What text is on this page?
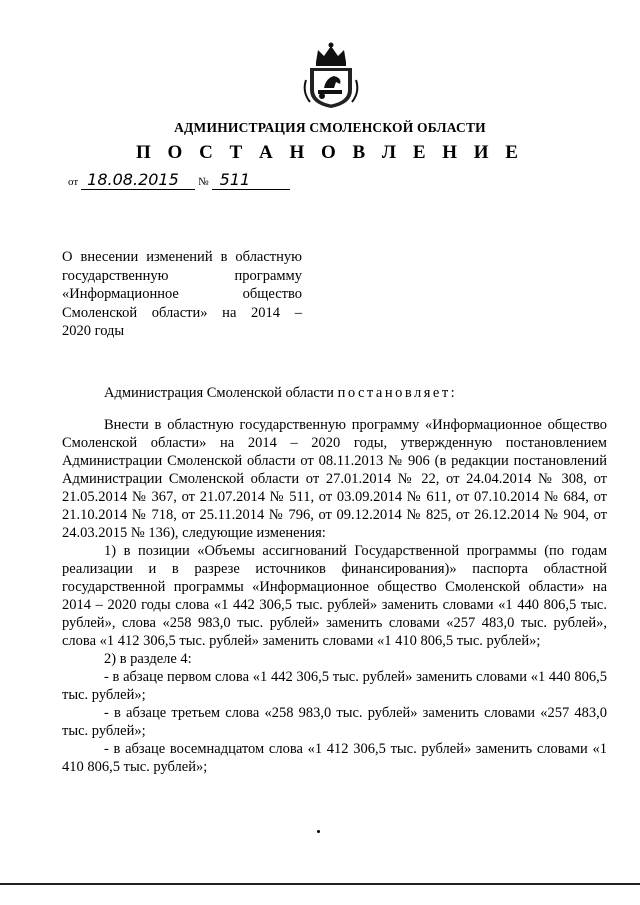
АДМИНИСТРАЦИЯ СМОЛЕНСКОЙ ОБЛАСТИ
П О С Т А Н О В Л Е Н И Е
от 18.08.2015 № 511
О внесении изменений в областную
государственную программу
«Информационное общество
Смоленской области» на 2014 –
2020 годы
Администрация Смоленской области постановляет:

Внести в областную государственную программу «Информационное общество Смоленской области» на 2014 – 2020 годы, утвержденную постановлением Администрации Смоленской области от 08.11.2013 № 906 (в редакции постановлений Администрации Смоленской области от 27.01.2014 № 22, от 24.04.2014 № 308, от 21.05.2014 № 367, от 21.07.2014 № 511, от 03.09.2014 № 611, от 07.10.2014 № 684, от 21.10.2014 № 718, от 25.11.2014 № 796, от 09.12.2014 № 825, от 26.12.2014 № 904, от 24.03.2015 № 136), следующие изменения:

1) в позиции «Объемы ассигнований Государственной программы (по годам реализации и в разрезе источников финансирования)» паспорта областной государственной программы «Информационное общество Смоленской области» на 2014 – 2020 годы слова «1 442 306,5 тыс. рублей» заменить словами «1 440 806,5 тыс. рублей», слова «258 983,0 тыс. рублей» заменить словами «257 483,0 тыс. рублей», слова «1 412 306,5 тыс. рублей» заменить словами «1 410 806,5 тыс. рублей»;

2) в разделе 4:

- в абзаце первом слова «1 442 306,5 тыс. рублей» заменить словами «1 440 806,5 тыс. рублей»;

- в абзаце третьем слова «258 983,0 тыс. рублей» заменить словами «257 483,0 тыс. рублей»;

- в абзаце восемнадцатом слова «1 412 306,5 тыс. рублей» заменить словами «1 410 806,5 тыс. рублей»;
